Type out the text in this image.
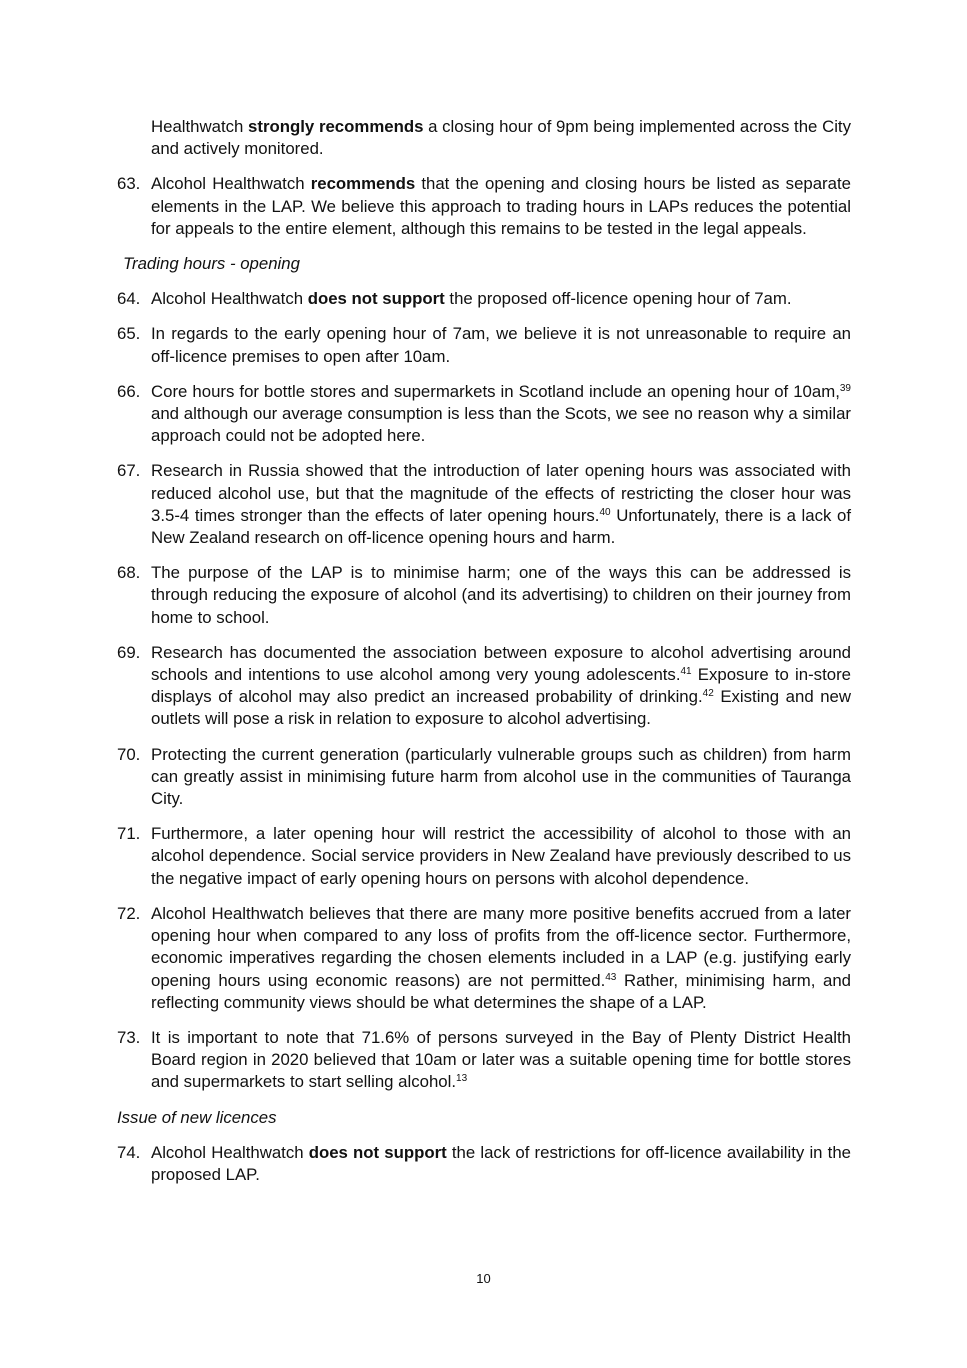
Healthwatch strongly recommends a closing hour of 9pm being implemented across the City and actively monitored.

63. Alcohol Healthwatch recommends that the opening and closing hours be listed as separate elements in the LAP. We believe this approach to trading hours in LAPs reduces the potential for appeals to the entire element, although this remains to be tested in the legal appeals.
Trading hours - opening
64. Alcohol Healthwatch does not support the proposed off-licence opening hour of 7am.
65. In regards to the early opening hour of 7am, we believe it is not unreasonable to require an off-licence premises to open after 10am.
66. Core hours for bottle stores and supermarkets in Scotland include an opening hour of 10am,$^{39}$ and although our average consumption is less than the Scots, we see no reason why a similar approach could not be adopted here.
67. Research in Russia showed that the introduction of later opening hours was associated with reduced alcohol use, but that the magnitude of the effects of restricting the closer hour was 3.5-4 times stronger than the effects of later opening hours.$^{40}$ Unfortunately, there is a lack of New Zealand research on off-licence opening hours and harm.
68. The purpose of the LAP is to minimise harm; one of the ways this can be addressed is through reducing the exposure of alcohol (and its advertising) to children on their journey from home to school.
69. Research has documented the association between exposure to alcohol advertising around schools and intentions to use alcohol among very young adolescents.$^{41}$ Exposure to in-store displays of alcohol may also predict an increased probability of drinking.$^{42}$ Existing and new outlets will pose a risk in relation to exposure to alcohol advertising.
70. Protecting the current generation (particularly vulnerable groups such as children) from harm can greatly assist in minimising future harm from alcohol use in the communities of Tauranga City.
71. Furthermore, a later opening hour will restrict the accessibility of alcohol to those with an alcohol dependence. Social service providers in New Zealand have previously described to us the negative impact of early opening hours on persons with alcohol dependence.
72. Alcohol Healthwatch believes that there are many more positive benefits accrued from a later opening hour when compared to any loss of profits from the off-licence sector. Furthermore, economic imperatives regarding the chosen elements included in a LAP (e.g. justifying early opening hours using economic reasons) are not permitted.$^{43}$ Rather, minimising harm, and reflecting community views should be what determines the shape of a LAP.
73. It is important to note that 71.6% of persons surveyed in the Bay of Plenty District Health Board region in 2020 believed that 10am or later was a suitable opening time for bottle stores and supermarkets to start selling alcohol.$^{13}$
Issue of new licences
74. Alcohol Healthwatch does not support the lack of restrictions for off-licence availability in the proposed LAP.
10
